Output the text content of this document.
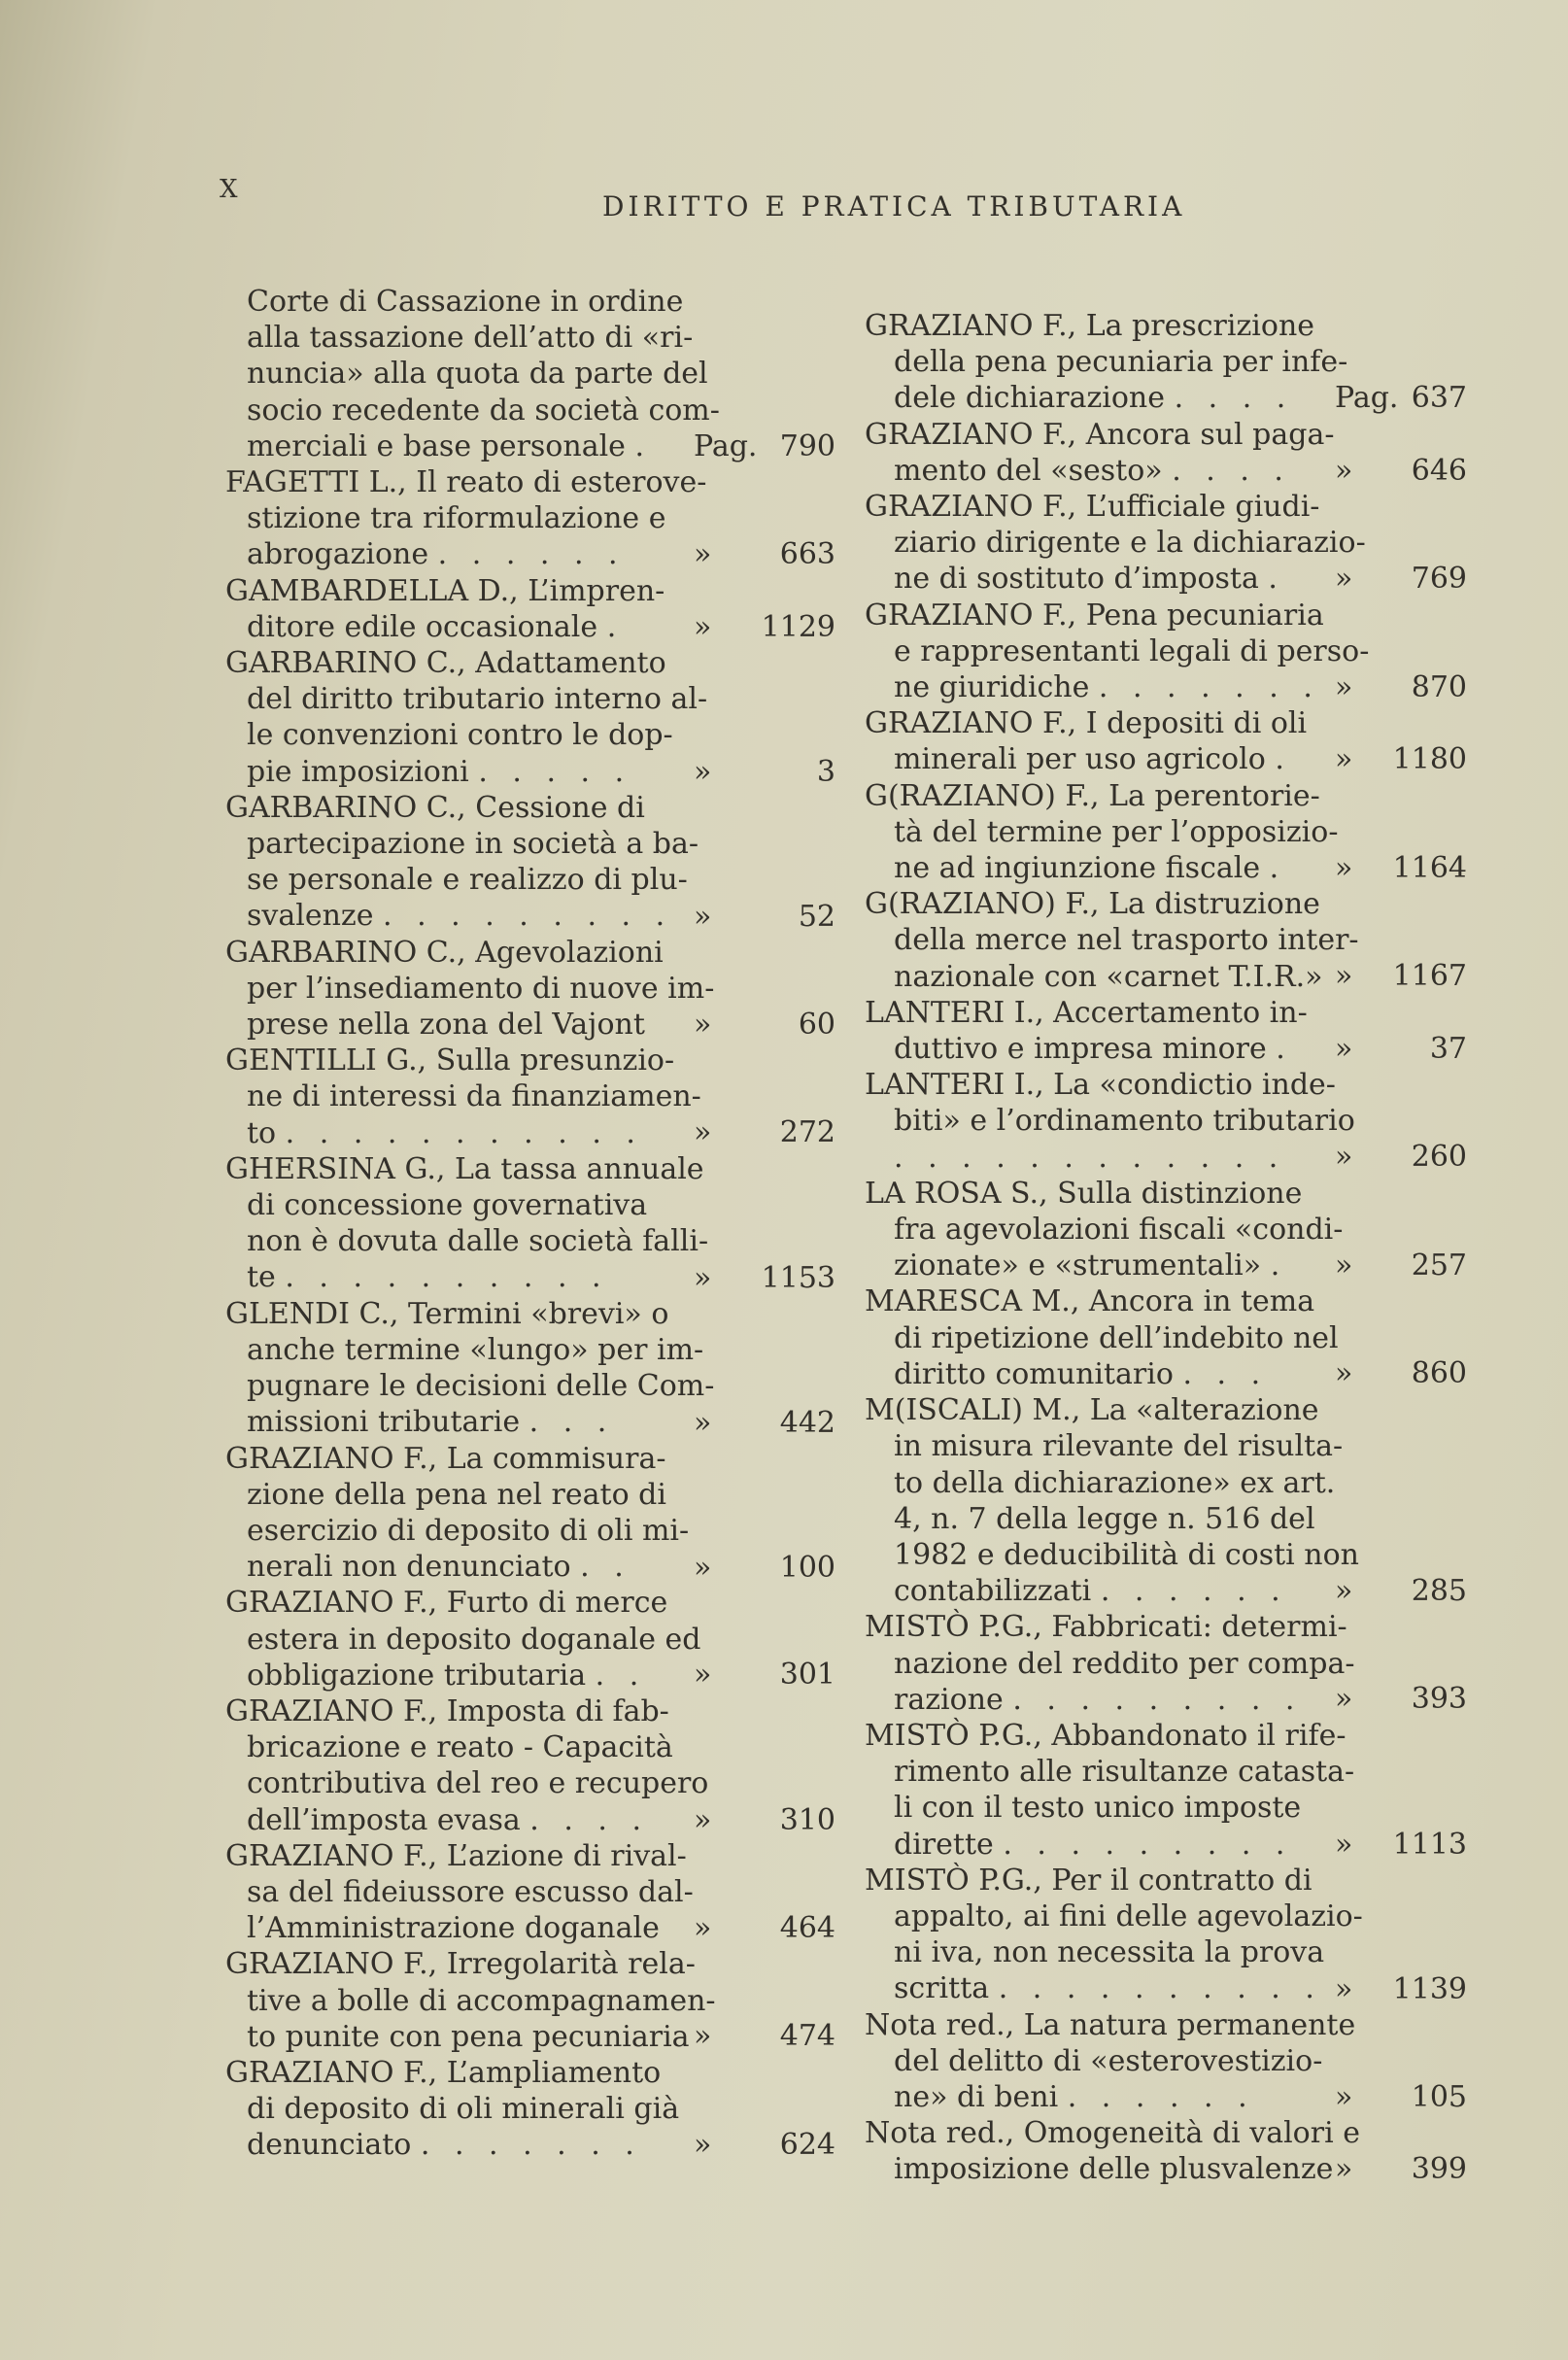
X
DIRITTO E PRATICA TRIBUTARIA
Corte di Cassazione in ordine
alla tassazione dell’atto di «ri-
nuncia» alla quota da parte del
socio recedente da società com-
merciali e base personale .	Pag. 790
FAGETTI L., Il reato di esterove-
stizione tra riformulazione e
abrogazione . . . . . .	» 663
GAMBARDELLA D., L’impren-
ditore edile occasionale .	» 1129
GARBARINO C., Adattamento
del diritto tributario interno al-
le convenzioni contro le dop-
pie imposizioni . . . . .	»	3
GARBARINO C., Cessione di
partecipazione in società a ba-
se personale e realizzo di plu-
svalenze . . . . . . . . . »	52
GARBARINO C., Agevolazioni
per l’insediamento di nuove im-
prese nella zona del Vajont	»	60
GENTILLI G., Sulla presunzio-
ne di interessi da finanziamen-
to . . . . . . . . . . .	» 272
GHERSINA G., La tassa annuale
di concessione governativa
non è dovuta dalle società falli-
te . . . . . . . . . .	» 1153
GLENDI C., Termini «brevi» o
anche termine «lungo» per im-
pugnare le decisioni delle Com-
missioni tributarie . . .	» 442
GRAZIANO F., La commisura-
zione della pena nel reato di
esercizio di deposito di oli mi-
nerali non denunciato . .	» 100
GRAZIANO F., Furto di merce
estera in deposito doganale ed
obbligazione tributaria . .	» 301
GRAZIANO F., Imposta di fab-
bricazione e reato - Capacità
contributiva del reo e recupero
dell’imposta evasa . . . .	» 310
GRAZIANO F., L’azione di rival-
sa del fideiussore escusso dal-
l’Amministrazione doganale	» 464
GRAZIANO F., Irregolarità rela-
tive a bolle di accompagnamen-
to punite con pena pecuniaria » 474
GRAZIANO F., L’ampliamento
di deposito di oli minerali già
denunciato . . . . . . .	» 624
GRAZIANO F., La prescrizione
della pena pecuniaria per infe-
dele dichiarazione . . . .	Pag. 637
GRAZIANO F., Ancora sul paga-
mento del «sesto» . . . .	» 646
GRAZIANO F., L’ufficiale giudi-
ziario dirigente e la dichiarazio-
ne di sostituto d’imposta .	» 769
GRAZIANO F., Pena pecuniaria
e rappresentanti legali di perso-
ne giuridiche . . . . . . . » 870
GRAZIANO F., I depositi di oli
minerali per uso agricolo .	» 1180
G(RAZIANO) F., La perentorie-
tà del termine per l’opposizio-
ne ad ingiunzione fiscale .	» 1164
G(RAZIANO) F., La distruzione
della merce nel trasporto inter-
nazionale con «carnet T.I.R.» » 1167
LANTERI I., Accertamento in-
duttivo e impresa minore .	»	37
LANTERI I., La «condictio inde-
biti» e l’ordinamento tributario
. . . . . . . . . . . .	» 260
LA ROSA S., Sulla distinzione
fra agevolazioni fiscali «condi-
zionate» e «strumentali» .	» 257
MARESCA M., Ancora in tema
di ripetizione dell’indebito nel
diritto comunitario . . .	» 860
M(ISCALI) M., La «alterazione
in misura rilevante del risulta-
to della dichiarazione» ex art.
4, n. 7 della legge n. 516 del
1982 e deducibilità di costi non
contabilizzati . . . . . .	» 285
MISTÒ P.G., Fabbricati: determi-
nazione del reddito per compa-
razione . . . . . . . . .	» 393
MISTÒ P.G., Abbandonato il rife-
rimento alle risultanze catasta-
li con il testo unico imposte
dirette . . . . . . . . .	» 1113
MISTÒ P.G., Per il contratto di
appalto, ai fini delle agevolazio-
ni iva, non necessita la prova
scritta . . . . . . . . . . » 1139
Nota red., La natura permanente
del delitto di «esterovestizio-
ne» di beni . . . . . .	» 105
Nota red., Omogeneità di valori e
imposizione delle plusvalenze » 399
